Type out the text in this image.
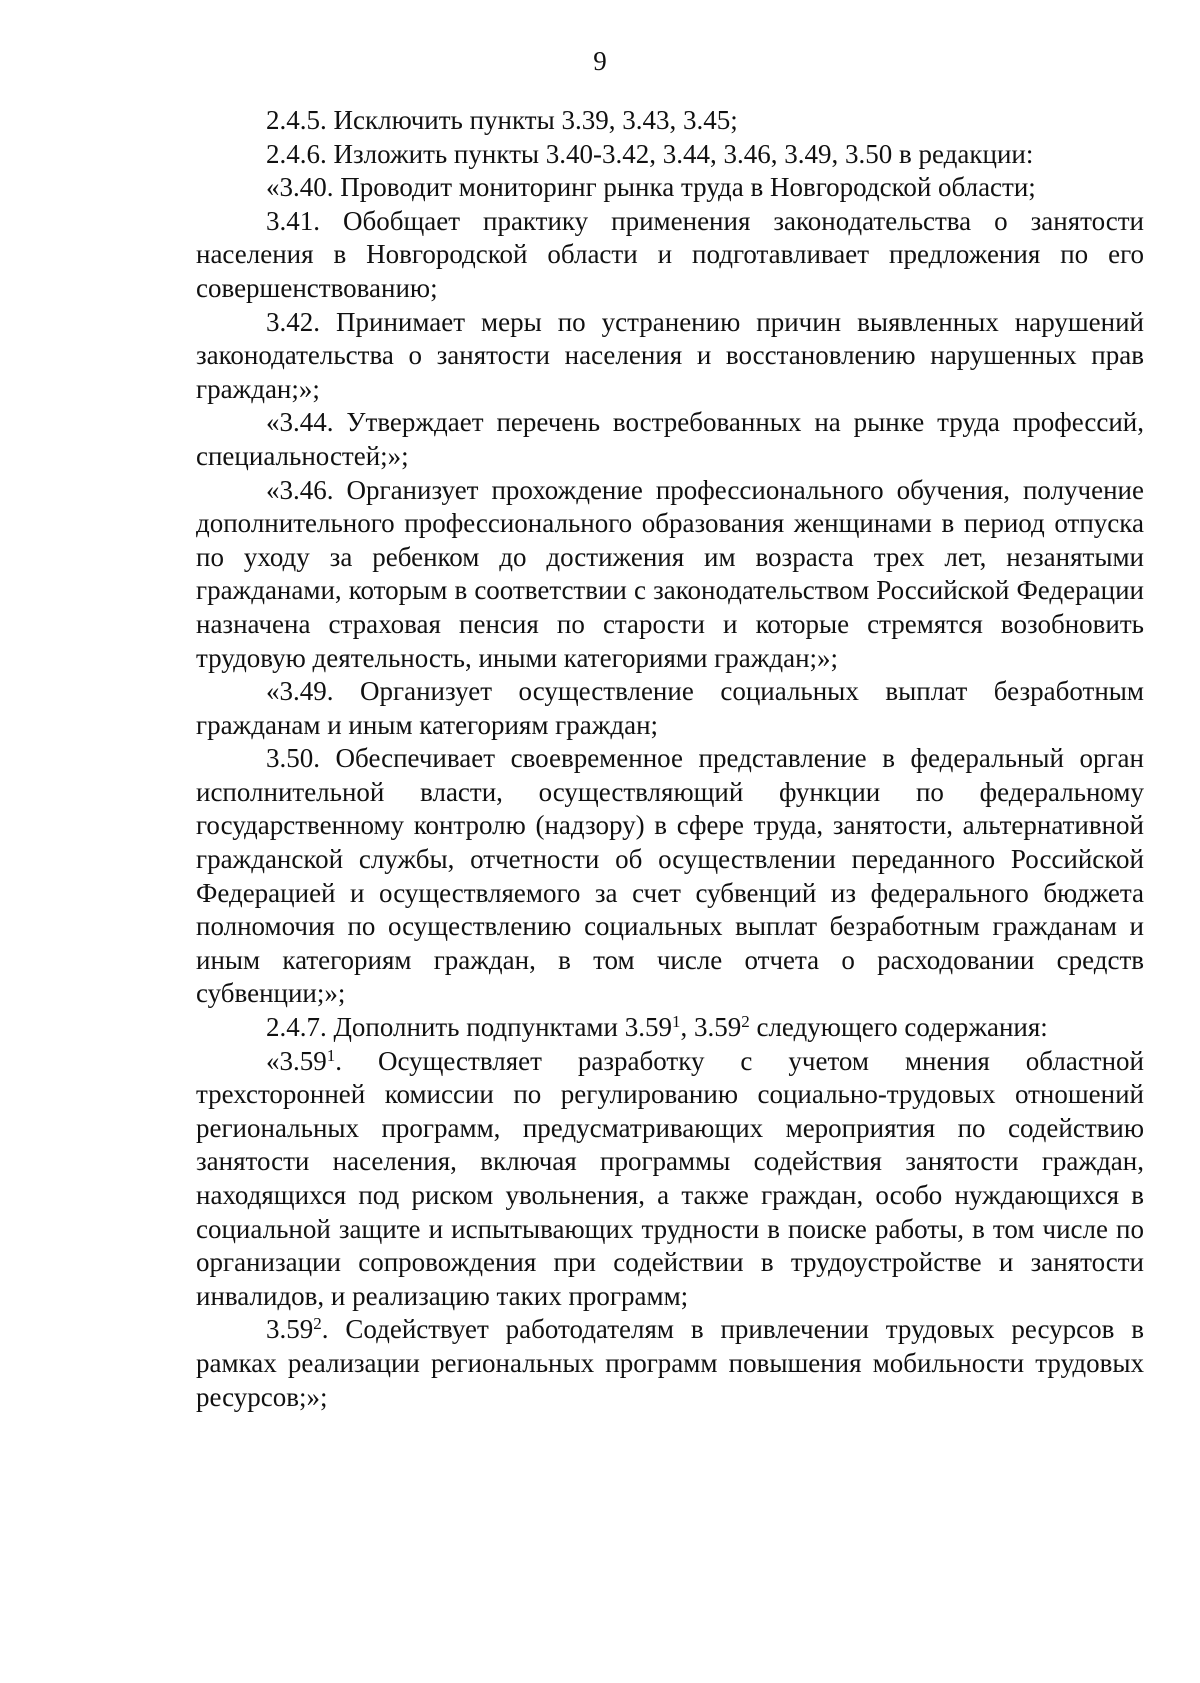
9

2.4.5. Исключить пункты 3.39, 3.43, 3.45;

2.4.6. Изложить пункты 3.40-3.42, 3.44, 3.46, 3.49, 3.50 в редакции:

«3.40. Проводит мониторинг рынка труда в Новгородской области;

3.41. Обобщает практику применения законодательства о занятости населения в Новгородской области и подготавливает предложения по его совершенствованию;

3.42. Принимает меры по устранению причин выявленных нарушений законодательства о занятости населения и восстановлению нарушенных прав граждан;»;

«3.44. Утверждает перечень востребованных на рынке труда профессий, специальностей;»;

«3.46. Организует прохождение профессионального обучения, получение дополнительного профессионального образования женщинами в период отпуска по уходу за ребенком до достижения им возраста трех лет, незанятыми гражданами, которым в соответствии с законодательством Российской Федерации назначена страховая пенсия по старости и которые стремятся возобновить трудовую деятельность, иными категориями граждан;»;

«3.49. Организует осуществление социальных выплат безработным гражданам и иным категориям граждан;

3.50. Обеспечивает своевременное представление в федеральный орган исполнительной власти, осуществляющий функции по федеральному государственному контролю (надзору) в сфере труда, занятости, альтернативной гражданской службы, отчетности об осуществлении переданного Российской Федерацией и осуществляемого за счет субвенций из федерального бюджета полномочия по осуществлению социальных выплат безработным гражданам и иным категориям граждан, в том числе отчета о расходовании средств субвенции;»;

2.4.7. Дополнить подпунктами 3.59$^1$, 3.59$^2$ следующего содержания:

«3.59$^1$. Осуществляет разработку с учетом мнения областной трехсторонней комиссии по регулированию социально-трудовых отношений региональных программ, предусматривающих мероприятия по содействию занятости населения, включая программы содействия занятости граждан, находящихся под риском увольнения, а также граждан, особо нуждающихся в социальной защите и испытывающих трудности в поиске работы, в том числе по организации сопровождения при содействии в трудоустройстве и занятости инвалидов, и реализацию таких программ;

3.59$^2$. Содействует работодателям в привлечении трудовых ресурсов в рамках реализации региональных программ повышения мобильности трудовых ресурсов;»;
